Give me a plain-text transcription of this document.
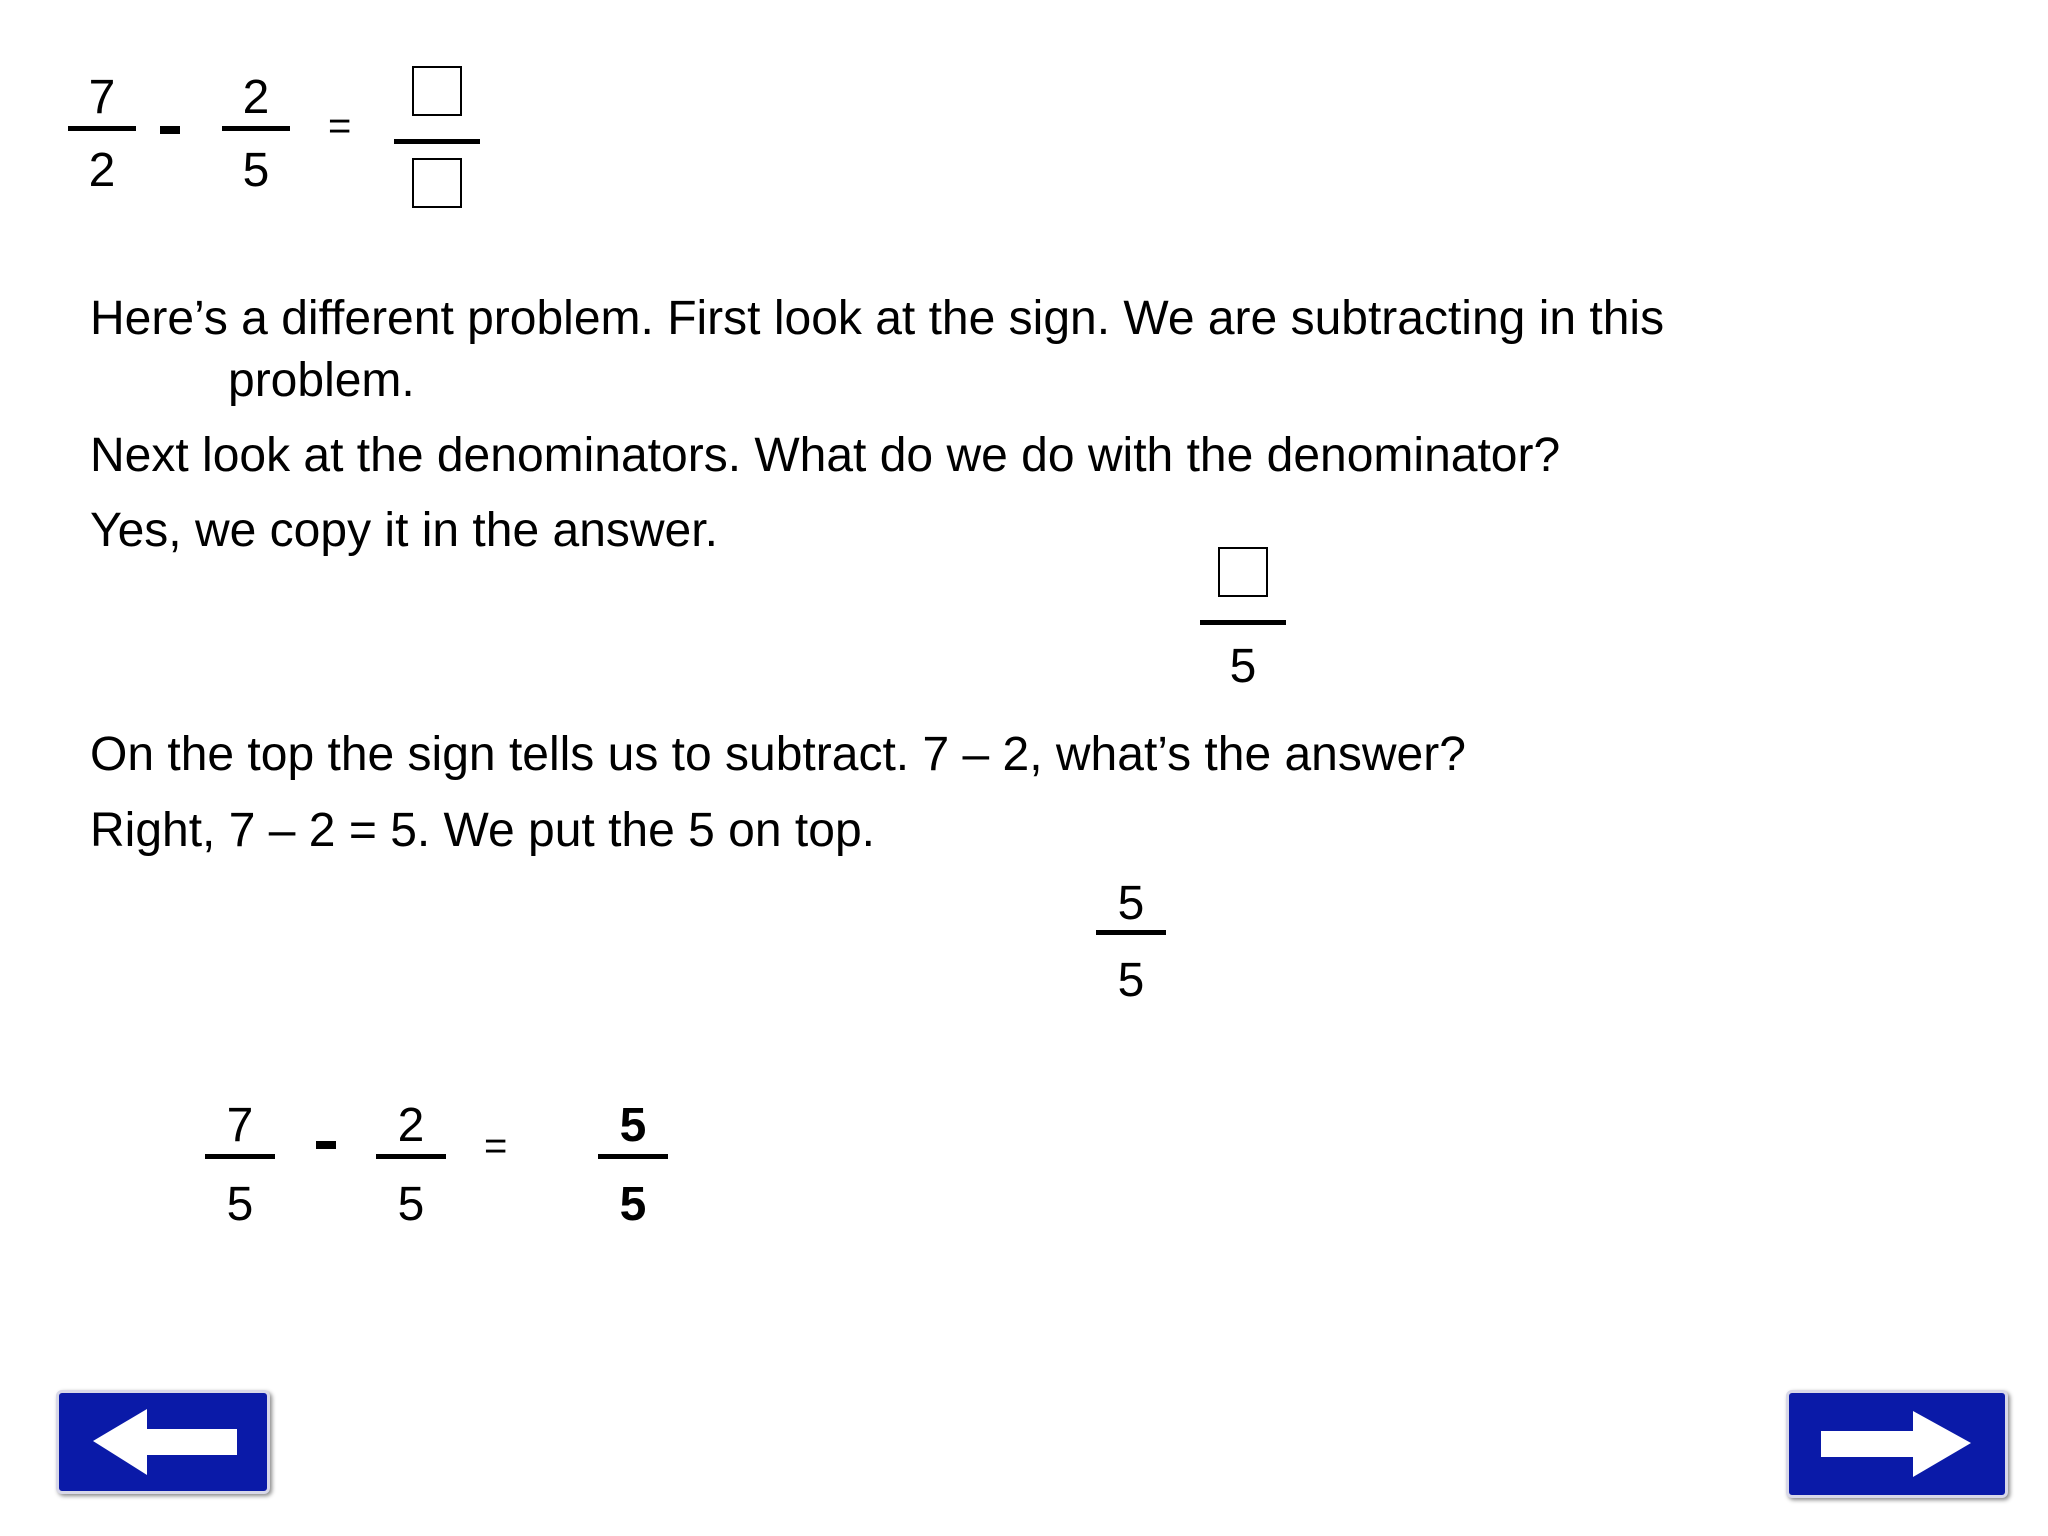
7
2
2
5
=
Here’s a different problem. First look at the sign. We are subtracting in this
problem.
Next look at the denominators. What do we do with the denominator?
Yes, we copy it in the answer.
5
On the top the sign tells us to subtract. 7 – 2, what’s the answer?
Right, 7 – 2 = 5. We put the 5 on top.
5
5
7
5
2
5
=	5
5
